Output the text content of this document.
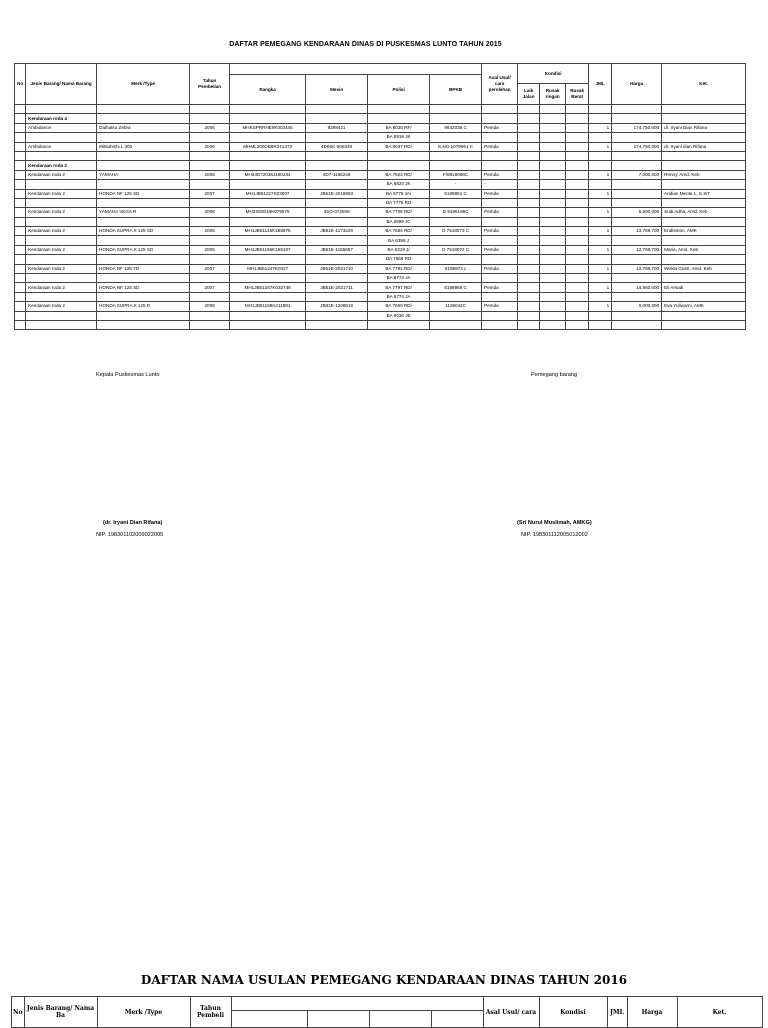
DAFTAR PEMEGANG KENDARAAN DINAS DI PUSKESMAS LUNTO TAHUN 2015
No	Jenis Barang/ Nama Barang	Merk /Type	Tahun Pembelian					Asal Usul/ cara perolehan	Kondisi			JML	Harga	Ket.
				Rangka	Mesin	Polisi	BPKB							
									Laik Jalan	Rusak ringan	Rusak Berat			

	Kendaraan roda 4													
	Ambulance	Daihatsu Zebra	2006	MHKSPRRHE6K003445	9298421	BA 8030 RF/	9642036 C	Pemda				1	174,750,000	dr. Iryani Dian Rifana
						BA 8918 JK								
	Ambulance	Mitsubishi L 300	2006	MHML300DB6R241373	4D56C-808340	BA 8037 RD/	E.NO.1079961 C	Pemda				1	174,750,000	dr. Iryani dian Rifana

	Kendaraan roda 2													
	Kendaraan roda 2	YAMAHA	2008	MH34D72038J180234	4D7-1168248	BA 7923 RD/	F/8819086C	Pemda				1	7,000,000	Renny, Amd. Keb
						BA 6820 JK	-	-						
	Kendaraan roda 2	HONDA NF 125 SD	2007	MH1JB51227K03007	JB51E-2018863	BA 6775 JA/	6199851 C	Pemda				1		Andian Meota L, S.SiT
						BA 7775 RD								
	Kendaraan roda 2	YAMAHA VEGA R	2008	MH33S0016K075579	3SO-072508	BA 7708 RD/	D 9196185C	Pemda				1	6,500,000	Sudi Adha, Amd. Keb
						BA 6899 JC								
	Kendaraan roda 2	HONDA SUPRA X 125 SD	2005	MH1JB51145K168975	JB51E-1173229	BA 7684 RD/	D 7518073 C	Pemda				1	13,768,700	Endismon, AMK
						BA 6396 J								
	Kendaraan roda 2	HONDA SUPRA X 125 SD	2005	MH1JB51165K165107	JB51E-1155657	BA 6318 J/	D 7518072 C	Pemda				1	13,768,700	Maria, Amd. Keb
						BA 7666 RD								
	Kendaraan roda 2	HONDA NF 125 TD	2007	MH1JB51247K0327	JB51E-2021710	BA 7791 RD/	6199972 c	Pemda				1	13,768,700	Welda Gusri, Amd. Keb
						BA 6773 JA								
	Kendaraan roda 2	HONDA NF 125 SD	2007	MH1JB51267K032746	JB51E-2021711	BA 7797 RD/	6198966 C	Pemda				1	14,960,000	Eli Arsadi
						BA 6774 JA								
	Kendaraan roda 2	HONDA SUPRA X 125 D	2008	MH1JB81168K211881	JB81E-1208619	BA 7650 RD/	1136044C	Pemda				1	9,000,000	Eva Yuliwarni, AMK
						BA 6030 JE								

Kepala Puskesmas Lunto	Pemegang barang
(dr. Iryani Dian Rifana)
NIP. 198301102009022005
(Sri Nurul Muslimah, AMKG)
NIP. 198301112005012002
DAFTAR NAMA USULAN PEMEGANG KENDARAAN DINAS TAHUN 2016
No	Jenis Barang/ Nama Ba	Merk /Type	Tahun Pembeli					Asal Usul/ cara	Kondisi	JML	Harga	Ket.
